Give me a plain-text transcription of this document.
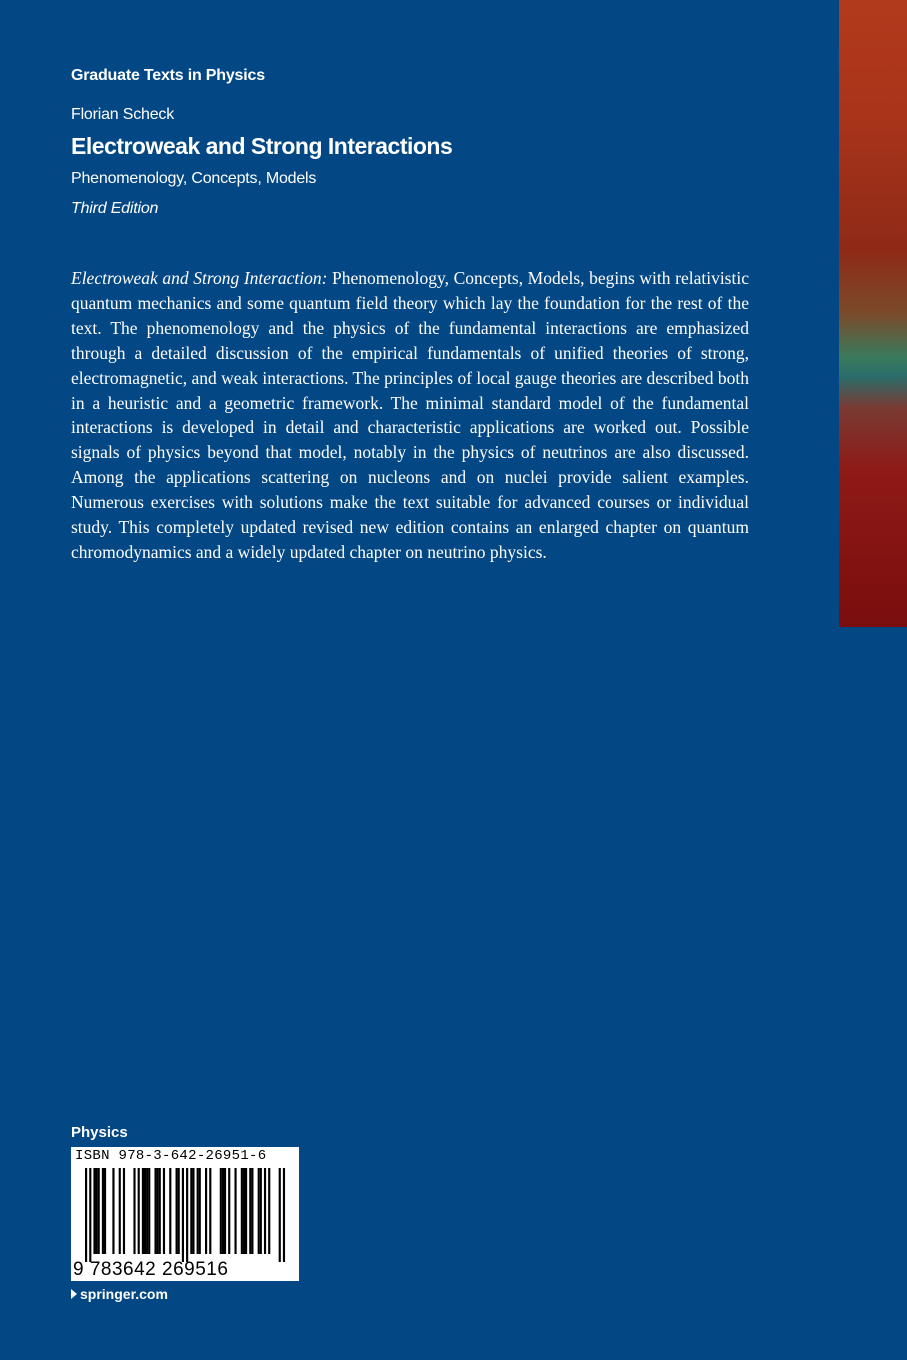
Graduate Texts in Physics
Florian Scheck
Electroweak and Strong Interactions
Phenomenology, Concepts, Models
Third Edition

Electroweak and Strong Interaction: Phenomenology, Concepts, Models, begins with relativistic quantum mechanics and some quantum field theory which lay the foundation for the rest of the text. The phenomenology and the physics of the fundamental interactions are emphasized through a detailed discussion of the empirical fundamentals of unified theories of strong, electromagnetic, and weak interactions. The principles of local gauge theories are described both in a heuristic and a geometric framework. The minimal standard model of the fundamental interactions is developed in detail and characteristic applications are worked out. Possible signals of physics beyond that model, notably in the physics of neutrinos are also discussed. Among the applications scattering on nucleons and on nuclei provide salient examples. Numerous exercises with solutions make the text suitable for advanced courses or individual study. This completely updated revised new edition contains an enlarged chapter on quantum chromodynamics and a widely updated chapter on neutrino physics.

Physics
ISBN 978-3-642-26951-6
9 783642 269516
springer.com
